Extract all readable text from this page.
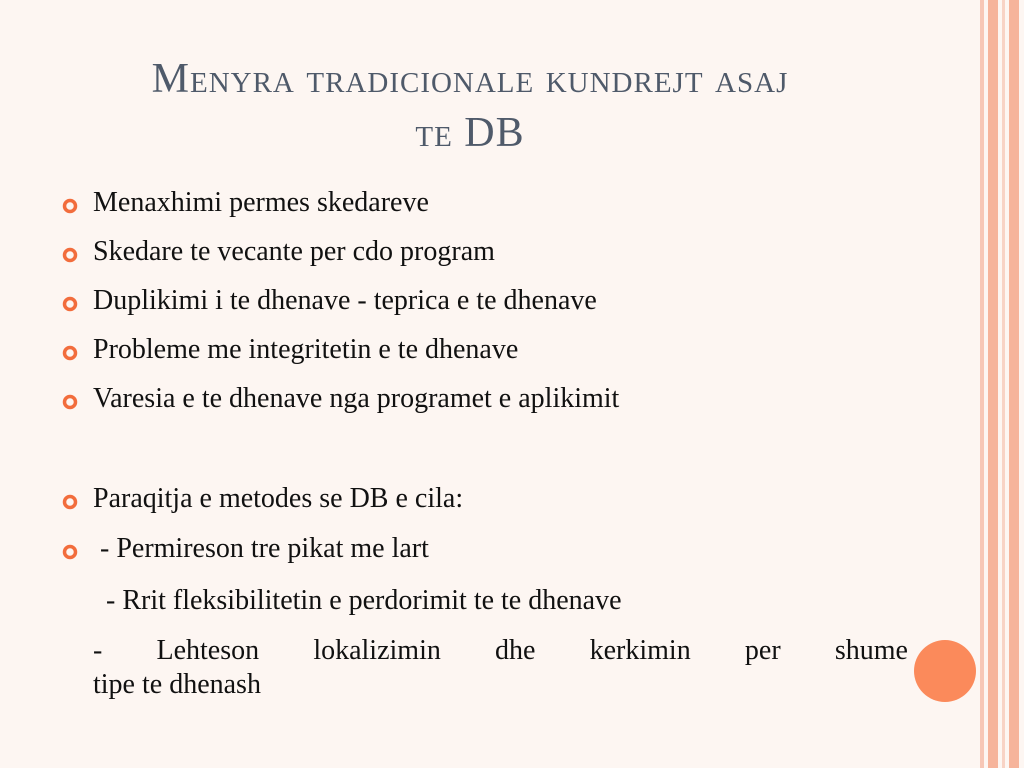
Menyra tradicionale kundrejt asaj
te DB
Menaxhimi permes skedareve
Skedare te vecante per cdo program
Duplikimi i te dhenave - teprica e te dhenave
Probleme me integritetin e te dhenave
Varesia e te dhenave nga programet e aplikimit
Paraqitja e metodes se DB e cila:
- Permireson tre pikat me lart
- Rrit fleksibilitetin e perdorimit te te dhenave
- Lehteson lokalizimin dhe kerkimin per shume
tipe te dhenash
